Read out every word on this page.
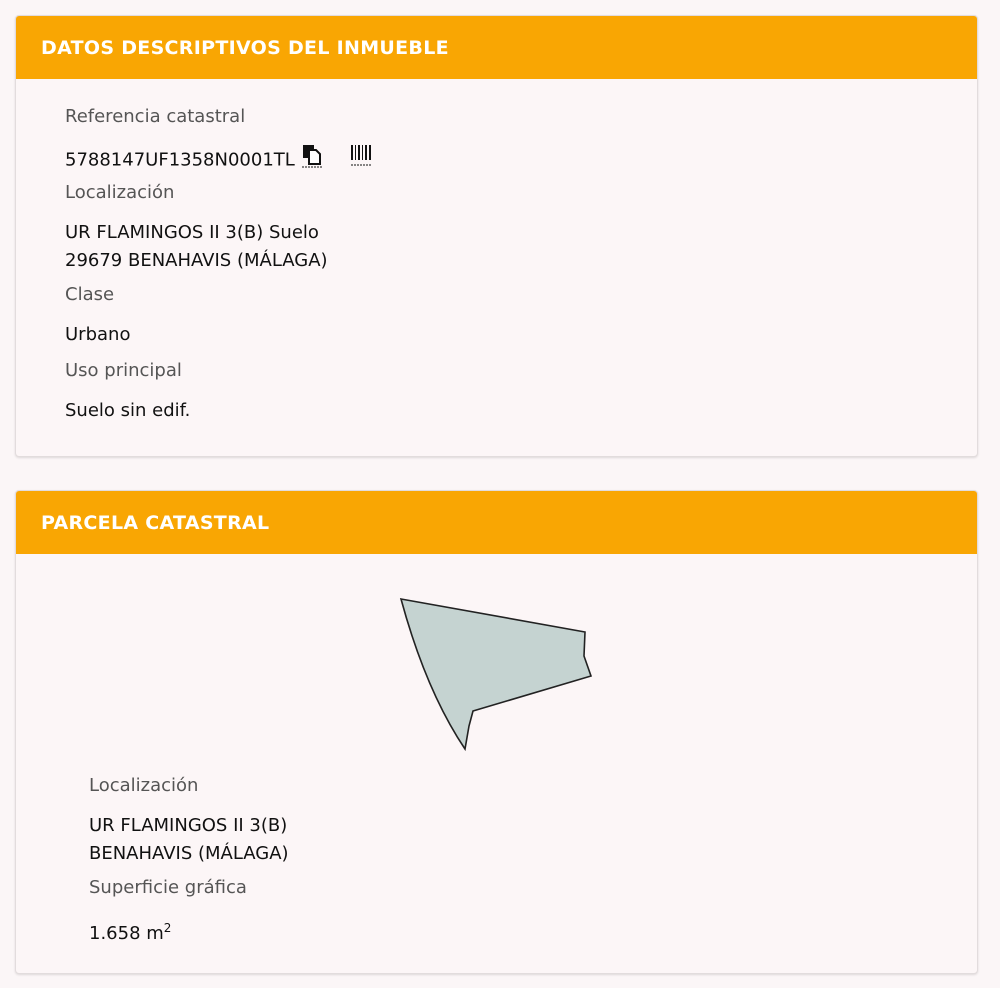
DATOS DESCRIPTIVOS DEL INMUEBLE
Referencia catastral
5788147UF1358N0001TL
Localización
UR FLAMINGOS II 3(B) Suelo
29679 BENAHAVIS (MÁLAGA)
Clase
Urbano
Uso principal
Suelo sin edif.
PARCELA CATASTRAL
Localización
UR FLAMINGOS II 3(B)
BENAHAVIS (MÁLAGA)
Superficie gráfica
1.658 $m^2$
